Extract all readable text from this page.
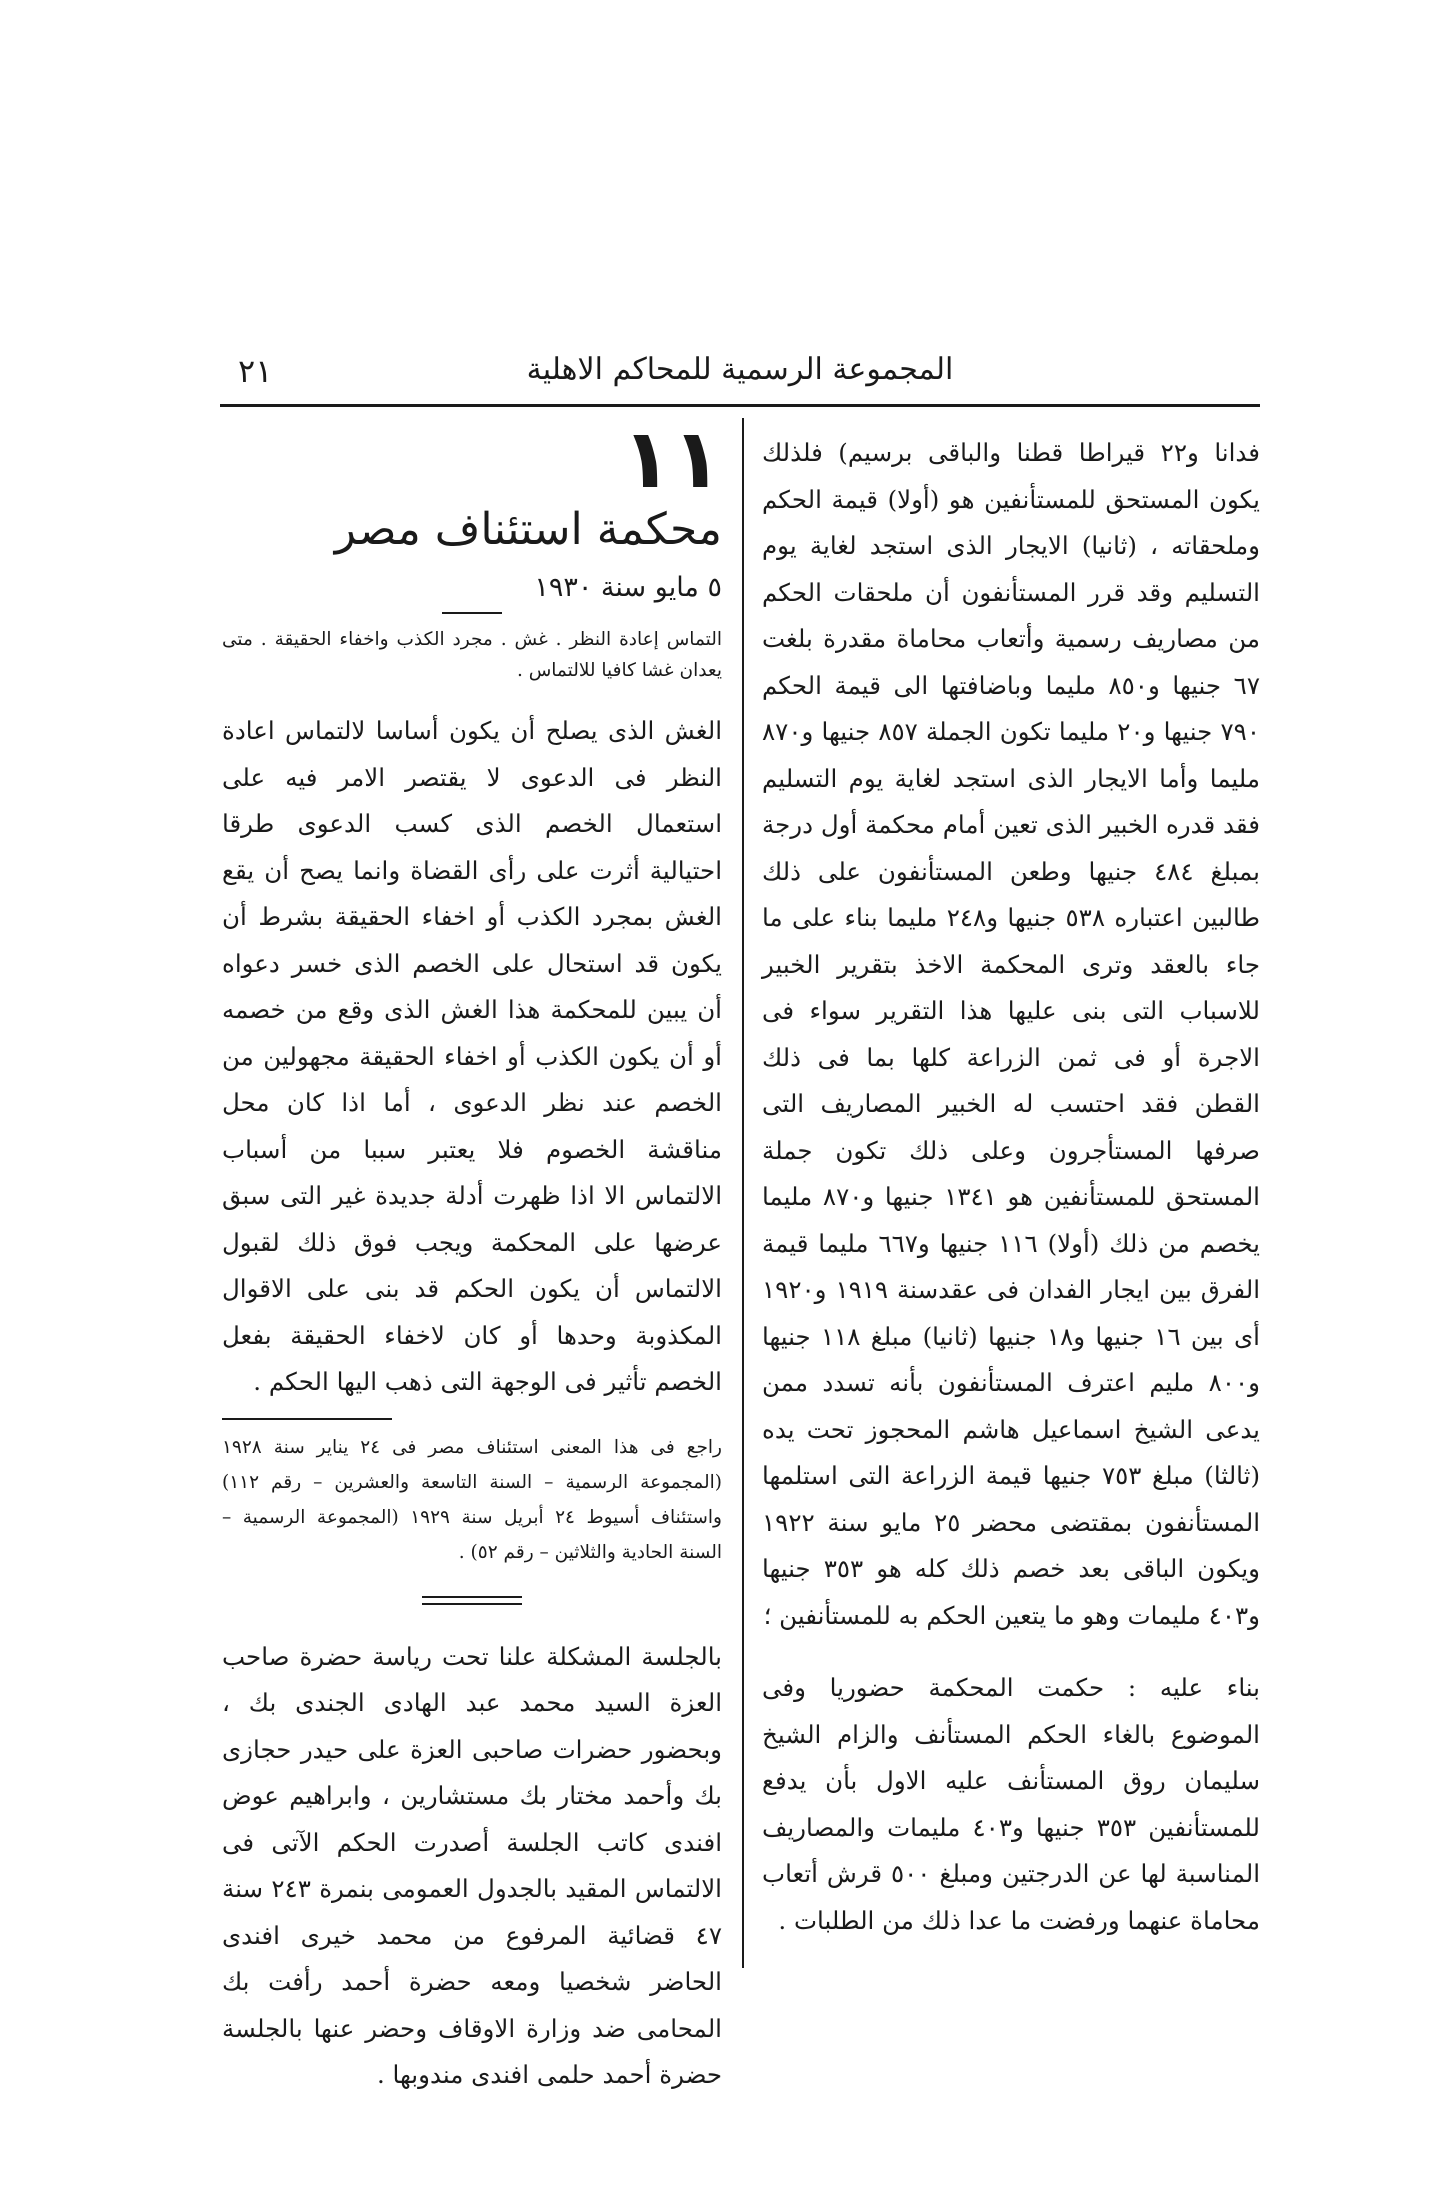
المجموعة الرسمية للمحاكم الاهلية
٢١

فدانا و٢٢ قيراطا قطنا والباقى برسيم) فلذلك يكون المستحق للمستأنفين هو (أولا) قيمة الحكم وملحقاته ، (ثانيا) الايجار الذى استجد لغاية يوم التسليم وقد قرر المستأنفون أن ملحقات الحكم من مصاريف رسمية وأتعاب محاماة مقدرة بلغت ٦٧ جنيها و٨٥٠ مليما وباضافتها الى قيمة الحكم ٧٩٠ جنيها و٢٠ مليما تكون الجملة ٨٥٧ جنيها و٨٧٠ مليما وأما الايجار الذى استجد لغاية يوم التسليم فقد قدره الخبير الذى تعين أمام محكمة أول درجة بمبلغ ٤٨٤ جنيها وطعن المستأنفون على ذلك طالبين اعتباره ٥٣٨ جنيها و٢٤٨ مليما بناء على ما جاء بالعقد وترى المحكمة الاخذ بتقرير الخبير للاسباب التى بنى عليها هذا التقرير سواء فى الاجرة أو فى ثمن الزراعة كلها بما فى ذلك القطن فقد احتسب له الخبير المصاريف التى صرفها المستأجرون وعلى ذلك تكون جملة المستحق للمستأنفين هو ١٣٤١ جنيها و٨٧٠ مليما يخصم من ذلك (أولا) ١١٦ جنيها و٦٦٧ مليما قيمة الفرق بين ايجار الفدان فى عقدسنة ١٩١٩ و١٩٢٠ أى بين ١٦ جنيها و١٨ جنيها (ثانيا) مبلغ ١١٨ جنيها و٨٠٠ مليم اعترف المستأنفون بأنه تسدد ممن يدعى الشيخ اسماعيل هاشم المحجوز تحت يده (ثالثا) مبلغ ٧٥٣ جنيها قيمة الزراعة التى استلمها المستأنفون بمقتضى محضر ٢٥ مايو سنة ١٩٢٢ ويكون الباقى بعد خصم ذلك كله هو ٣٥٣ جنيها و٤٠٣ مليمات وهو ما يتعين الحكم به للمستأنفين ؛

بناء عليه : حكمت المحكمة حضوريا وفى الموضوع بالغاء الحكم المستأنف والزام الشيخ سليمان روق المستأنف عليه الاول بأن يدفع للمستأنفين ٣٥٣ جنيها و٤٠٣ مليمات والمصاريف المناسبة لها عن الدرجتين ومبلغ ٥٠٠ قرش أتعاب محاماة عنهما ورفضت ما عدا ذلك من الطلبات .

١١

محكمة استئناف مصر

٥ مايو سنة ١٩٣٠

التماس إعادة النظر . غش . مجرد الكذب واخفاء الحقيقة . متى يعدان غشا كافيا للالتماس .

الغش الذى يصلح أن يكون أساسا لالتماس اعادة النظر فى الدعوى لا يقتصر الامر فيه على استعمال الخصم الذى كسب الدعوى طرقا احتيالية أثرت على رأى القضاة وانما يصح أن يقع الغش بمجرد الكذب أو اخفاء الحقيقة بشرط أن يكون قد استحال على الخصم الذى خسر دعواه أن يبين للمحكمة هذا الغش الذى وقع من خصمه أو أن يكون الكذب أو اخفاء الحقيقة مجهولين من الخصم عند نظر الدعوى ، أما اذا كان محل مناقشة الخصوم فلا يعتبر سببا من أسباب الالتماس الا اذا ظهرت أدلة جديدة غير التى سبق عرضها على المحكمة ويجب فوق ذلك لقبول الالتماس أن يكون الحكم قد بنى على الاقوال المكذوبة وحدها أو كان لاخفاء الحقيقة بفعل الخصم تأثير فى الوجهة التى ذهب اليها الحكم .

راجع فى هذا المعنى استئناف مصر فى ٢٤ يناير سنة ١٩٢٨ (المجموعة الرسمية – السنة التاسعة والعشرين – رقم ١١٢) واستئناف أسيوط ٢٤ أبريل سنة ١٩٢٩ (المجموعة الرسمية – السنة الحادية والثلاثين – رقم ٥٢) .

بالجلسة المشكلة علنا تحت رياسة حضرة صاحب العزة السيد محمد عبد الهادى الجندى بك ، وبحضور حضرات صاحبى العزة على حيدر حجازى بك وأحمد مختار بك مستشارين ، وابراهيم عوض افندى كاتب الجلسة أصدرت الحكم الآتى فى الالتماس المقيد بالجدول العمومى بنمرة ٢٤٣ سنة ٤٧ قضائية المرفوع من محمد خيرى افندى الحاضر شخصيا ومعه حضرة أحمد رأفت بك المحامى ضد وزارة الاوقاف وحضر عنها بالجلسة حضرة أحمد حلمى افندى مندوبها .
